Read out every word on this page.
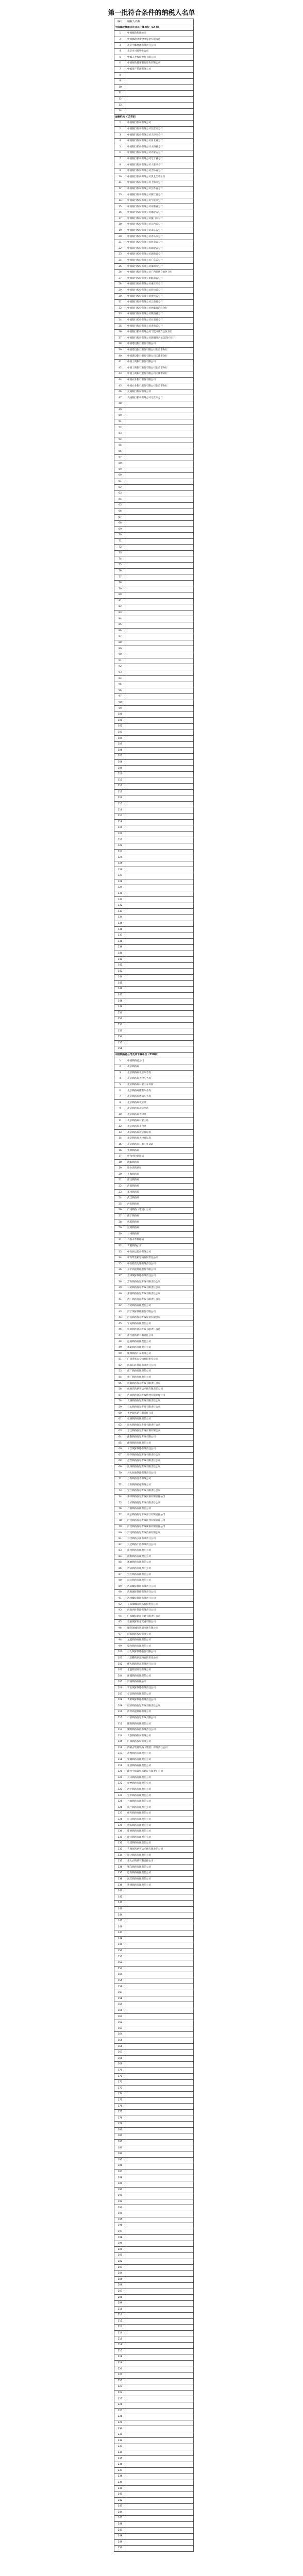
第一批符合条件的纳税人名单
编号	纳税人名称
中国邮政集团公司及其下属单位（14家）	
1	中国邮政集团公司
2	中国邮政速递物流股份有限公司
3	北京中邮物流有限责任公司
4	北京市兴邮物业公司
5	中邮人寿保险股份有限公司
6	中国邮政储蓄银行股份有限公司
7	中邮资产管理有限公司
8	
9	
10	
11	
12	
13	
14	
金融机构（156家）	
1	中国银行股份有限公司
2	中国银行股份有限公司北京市分行
3	中国银行股份有限公司天津市分行
4	中国银行股份有限公司河北省分行
5	中国银行股份有限公司山西省分行
6	中国银行股份有限公司内蒙古分行
7	中国银行股份有限公司辽宁省分行
8	中国银行股份有限公司大连市分行
9	中国银行股份有限公司吉林省分行
10	中国银行股份有限公司黑龙江省分行
11	中国银行股份有限公司上海市分行
12	中国银行股份有限公司江苏省分行
13	中国银行股份有限公司浙江省分行
14	中国银行股份有限公司宁波市分行
15	中国银行股份有限公司安徽省分行
16	中国银行股份有限公司福建省分行
17	中国银行股份有限公司厦门市分行
18	中国银行股份有限公司江西省分行
19	中国银行股份有限公司山东省分行
20	中国银行股份有限公司青岛市分行
21	中国银行股份有限公司河南省分行
22	中国银行股份有限公司湖北省分行
23	中国银行股份有限公司湖南省分行
24	中国银行股份有限公司广东省分行
25	中国银行股份有限公司深圳市分行
26	中国银行股份有限公司广西壮族自治区分行
27	中国银行股份有限公司海南省分行
28	中国银行股份有限公司重庆市分行
29	中国银行股份有限公司四川省分行
30	中国银行股份有限公司贵州省分行
31	中国银行股份有限公司云南省分行
32	中国银行股份有限公司西藏自治区分行
33	中国银行股份有限公司陕西省分行
34	中国银行股份有限公司甘肃省分行
35	中国银行股份有限公司青海省分行
36	中国银行股份有限公司宁夏回族自治区分行
37	中国银行股份有限公司新疆维吾尔自治区分行
38	中国建设银行股份有限公司
39	中国建设银行股份有限公司北京市分行
40	中国建设银行股份有限公司天津市分行
41	中国工商银行股份有限公司
42	中国工商银行股份有限公司北京市分行
43	中国工商银行股份有限公司天津市分行
44	中国农业银行股份有限公司
45	中国农业银行股份有限公司北京市分行
46	交通银行股份有限公司
47	交通银行股份有限公司北京市分行
48	
49	
50	
51	
52	
53	
54	
55	
56	
57	
58	
59	
60	
61	
62	
63	
64	
65	
66	
67	
68	
69	
70	
71	
72	
73	
74	
75	
76	
77	
78	
79	
80	
81	
82	
83	
84	
85	
86	
87	
88	
89	
90	
91	
92	
93	
94	
95	
96	
97	
98	
99	
100	
101	
102	
103	
104	
105	
106	
107	
108	
109	
110	
111	
112	
113	
114	
115	
116	
117	
118	
119	
120	
121	
122	
123	
124	
125	
126	
127	
128	
129	
130	
131	
132	
133	
134	
135	
136	
137	
138	
139	
140	
141	
142	
143	
144	
145	
146	
147	
148	
149	
150	
151	
152	
153	
154	
155	
156	
中国铁路总公司及其下属单位（250家）	
1	中国铁路总公司
2	北京铁路局
3	北京铁路局北京车务段
4	北京铁路局天津车务段
5	北京铁路局石家庄车务段
6	北京铁路局邯郸车务段
7	北京铁路局唐山车务段
8	北京铁路局北京站
9	北京铁路局北京西站
10	北京铁路局天津站
11	北京铁路局石家庄站
12	北京铁路局丰台站
13	北京铁路局北京客运段
14	北京铁路局天津客运段
15	北京铁路局石家庄客运段
16	太原铁路局
17	呼和浩特铁路局
18	沈阳铁路局
19	哈尔滨铁路局
20	上海铁路局
21	南昌铁路局
22	济南铁路局
23	郑州铁路局
24	武汉铁路局
25	西安铁路局
26	广州铁路（集团）公司
27	南宁铁路局
28	成都铁路局
29	昆明铁路局
30	兰州铁路局
31	乌鲁木齐铁路局
32	青藏铁路公司
33	中铁快运股份有限公司
34	中铁集装箱运输有限责任公司
35	中铁特货运输有限责任公司
36	京沪高速铁路股份有限公司
37	京津城际铁路有限责任公司
38	京石铁路客运专线有限责任公司
39	石武铁路客运专线有限责任公司
40	郑西铁路客运专线有限责任公司
41	武广铁路客运专线有限责任公司
42	合武铁路有限责任公司
43	沪宁城际铁路股份有限公司
44	沪杭铁路客运专线股份有限公司
45	宁杭铁路有限责任公司
46	杭甬铁路客运专线有限责任公司
47	甬台温铁路有限责任公司
48	温福铁路有限责任公司
49	福厦铁路有限责任公司
50	厦深铁路广东有限公司
51	广深港客运专线有限责任公司
52	海南东环铁路有限责任公司
53	南广铁路有限责任公司
54	贵广铁路有限责任公司
55	成渝铁路客运专线有限责任公司
56	成绵乐铁路客运专线有限责任公司
57	西成铁路客运专线陕西有限责任公司
58	大西铁路客运专线有限责任公司
59	石太铁路客运专线有限责任公司
60	太中银铁路有限责任公司
61	包西铁路有限责任公司
62	哈大铁路客运专线有限责任公司
63	京沈铁路客运专线京冀有限公司
64	津秦铁路客运专线有限公司
65	津保铁路有限责任公司
66	长吉城际铁路有限责任公司
67	哈齐铁路客运专线有限责任公司
68	盘营铁路客运专线有限责任公司
69	沈丹铁路客运专线有限责任公司
70	丹大快速铁路有限责任公司
71	兰新铁路甘青有限公司
72	兰新铁路新疆有限公司
73	宝兰铁路客运专线有限责任公司
74	郑徐铁路客运专线河南有限责任公司
75	合蚌铁路客运专线有限责任公司
76	合福铁路有限责任公司
77	杭长铁路客运专线浙江有限责任公司
78	沪昆铁路客运专线江西有限责任公司
79	沪昆铁路客运专线湖南有限责任公司
80	沪昆铁路客运专线贵州有限公司
81	云桂铁路云南有限责任公司
82	云桂铁路广西有限责任公司
83	南昆铁路有限责任公司
84	渝利铁路有限责任公司
85	遂渝铁路有限责任公司
86	达成铁路有限责任公司
87	宜万铁路有限责任公司
88	汉宜铁路有限责任公司
89	武咸城际铁路有限责任公司
90	武黄城际铁路有限责任公司
91	武冈城际铁路有限责任公司
92	长株潭城际铁路有限责任公司
93	海南西环铁路有限责任公司
94	广珠城际轨道交通有限责任公司
95	莞惠城际轨道交通有限公司
96	穗莞深城际轨道交通有限公司
97	向莆铁路股份有限公司
98	龙厦铁路有限责任公司
99	赣龙铁路有限责任公司
100	昌九城际铁路股份有限公司
101	九景衢铁路江西有限责任公司
102	衢九铁路浙江有限责任公司
103	金温铁道开发有限公司
104	浙赣铁路有限责任公司
105	沪通铁路有限公司
106	宁安城际铁路有限责任公司
107	宁启铁路有限责任公司
108	青荣城际铁路有限责任公司
109	胶济铁路客运专线有限责任公司
110	济青高速铁路有限公司
111	石济铁路客运专线有限公司
112	邯黄铁路有限责任公司
113	朔黄铁路发展有限责任公司
114	大秦铁路股份有限公司
115	广深铁路股份有限公司
116	内蒙古集通铁路（集团）有限责任公司
117	准朔铁路有限责任公司
118	蒙冀铁路有限责任公司
119	张唐铁路有限责任公司
120	山西中南部铁路通道有限责任公司
121	瓦日铁路有限责任公司
122	靖神铁路有限责任公司
123	西平铁路有限责任公司
124	宝中铁路有限责任公司
125	兰渝铁路有限责任公司
126	成兰铁路有限责任公司
127	格库铁路有限责任公司
128	拉日铁路有限责任公司
129	敦格铁路有限责任公司
130	库格铁路有限责任公司
131	哈佳铁路有限责任公司
132	牡绥铁路有限责任公司
133	吉图珲铁路客运专线有限责任公司
134	通让铁路有限责任公司
135	赤大白铁路有限责任公司
136	锡乌铁路有限责任公司
137	巴新铁路有限责任公司
138	沈吉铁路有限责任公司
139	新建铁路有限责任公司
140	
141	
142	
143	
144	
145	
146	
147	
148	
149	
150	
151	
152	
153	
154	
155	
156	
157	
158	
159	
160	
161	
162	
163	
164	
165	
166	
167	
168	
169	
170	
171	
172	
173	
174	
175	
176	
177	
178	
179	
180	
181	
182	
183	
184	
185	
186	
187	
188	
189	
190	
191	
192	
193	
194	
195	
196	
197	
198	
199	
200	
201	
202	
203	
204	
205	
206	
207	
208	
209	
210	
211	
212	
213	
214	
215	
216	
217	
218	
219	
220	
221	
222	
223	
224	
225	
226	
227	
228	
229	
230	
231	
232	
233	
234	
235	
236	
237	
238	
239	
240	
241	
242	
243	
244	
245	
246	
247	
248	
249	
250	
